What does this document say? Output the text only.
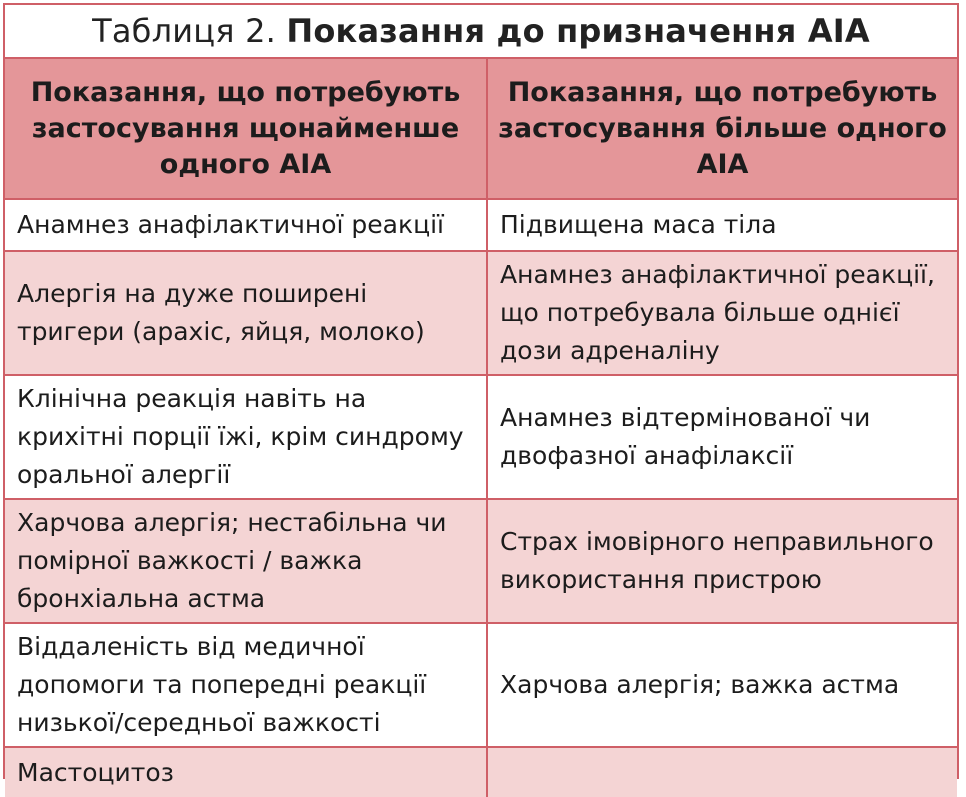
Таблиця 2. Показання до призначення АІА
Показання, що потребують застосування щонайменше одного АІА	Показання, що потребують застосування більше одного АІА
Анамнез анафілактичної реакції	Підвищена маса тіла
Алергія на дуже поширені тригери (арахіс, яйця, молоко)	Анамнез анафілактичної реакції, що потребувала більше однієї дози адреналіну
Клінічна реакція навіть на крихітні порції їжі, крім синдрому оральної алергії	Анамнез відтермінованої чи двофазної анафілаксії
Харчова алергія; нестабільна чи помірної важкості / важка бронхіальна астма	Страх імовірного неправильного використання пристрою
Віддаленість від медичної допомоги та попередні реакції низької/середньої важкості	Харчова алергія; важка астма
Мастоцитоз	
